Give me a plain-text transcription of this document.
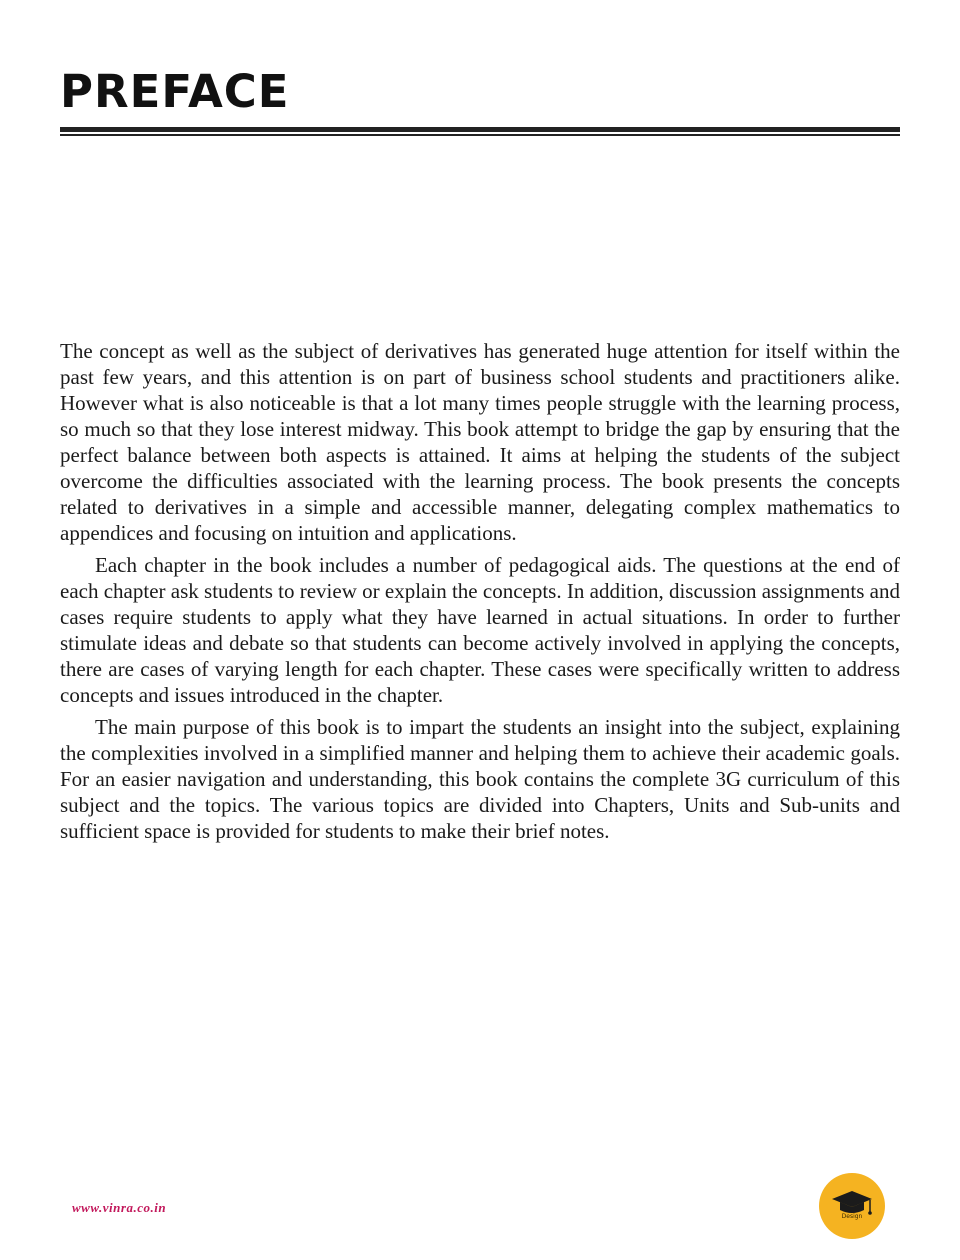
PREFACE

The concept as well as the subject of derivatives has generated huge attention for itself within the past few years, and this attention is on part of business school students and practitioners alike. However what is also noticeable is that a lot many times people struggle with the learning process, so much so that they lose interest midway. This book attempt to bridge the gap by ensuring that the perfect balance between both aspects is attained. It aims at helping the students of the subject overcome the difficulties associated with the learning process. The book presents the concepts related to derivatives in a simple and accessible manner, delegating complex mathematics to appendices and focusing on intuition and applications.

Each chapter in the book includes a number of pedagogical aids. The questions at the end of each chapter ask students to review or explain the concepts. In addition, discussion assignments and cases require students to apply what they have learned in actual situations. In order to further stimulate ideas and debate so that students can become actively involved in applying the concepts, there are cases of varying length for each chapter. These cases were specifically written to address concepts and issues introduced in the chapter.

The main purpose of this book is to impart the students an insight into the subject, explaining the complexities involved in a simplified manner and helping them to achieve their academic goals. For an easier navigation and understanding, this book contains the complete 3G curriculum of this subject and the topics. The various topics are divided into Chapters, Units and Sub-units and sufficient space is provided for students to make their brief notes.

www.vinra.co.in
Design
